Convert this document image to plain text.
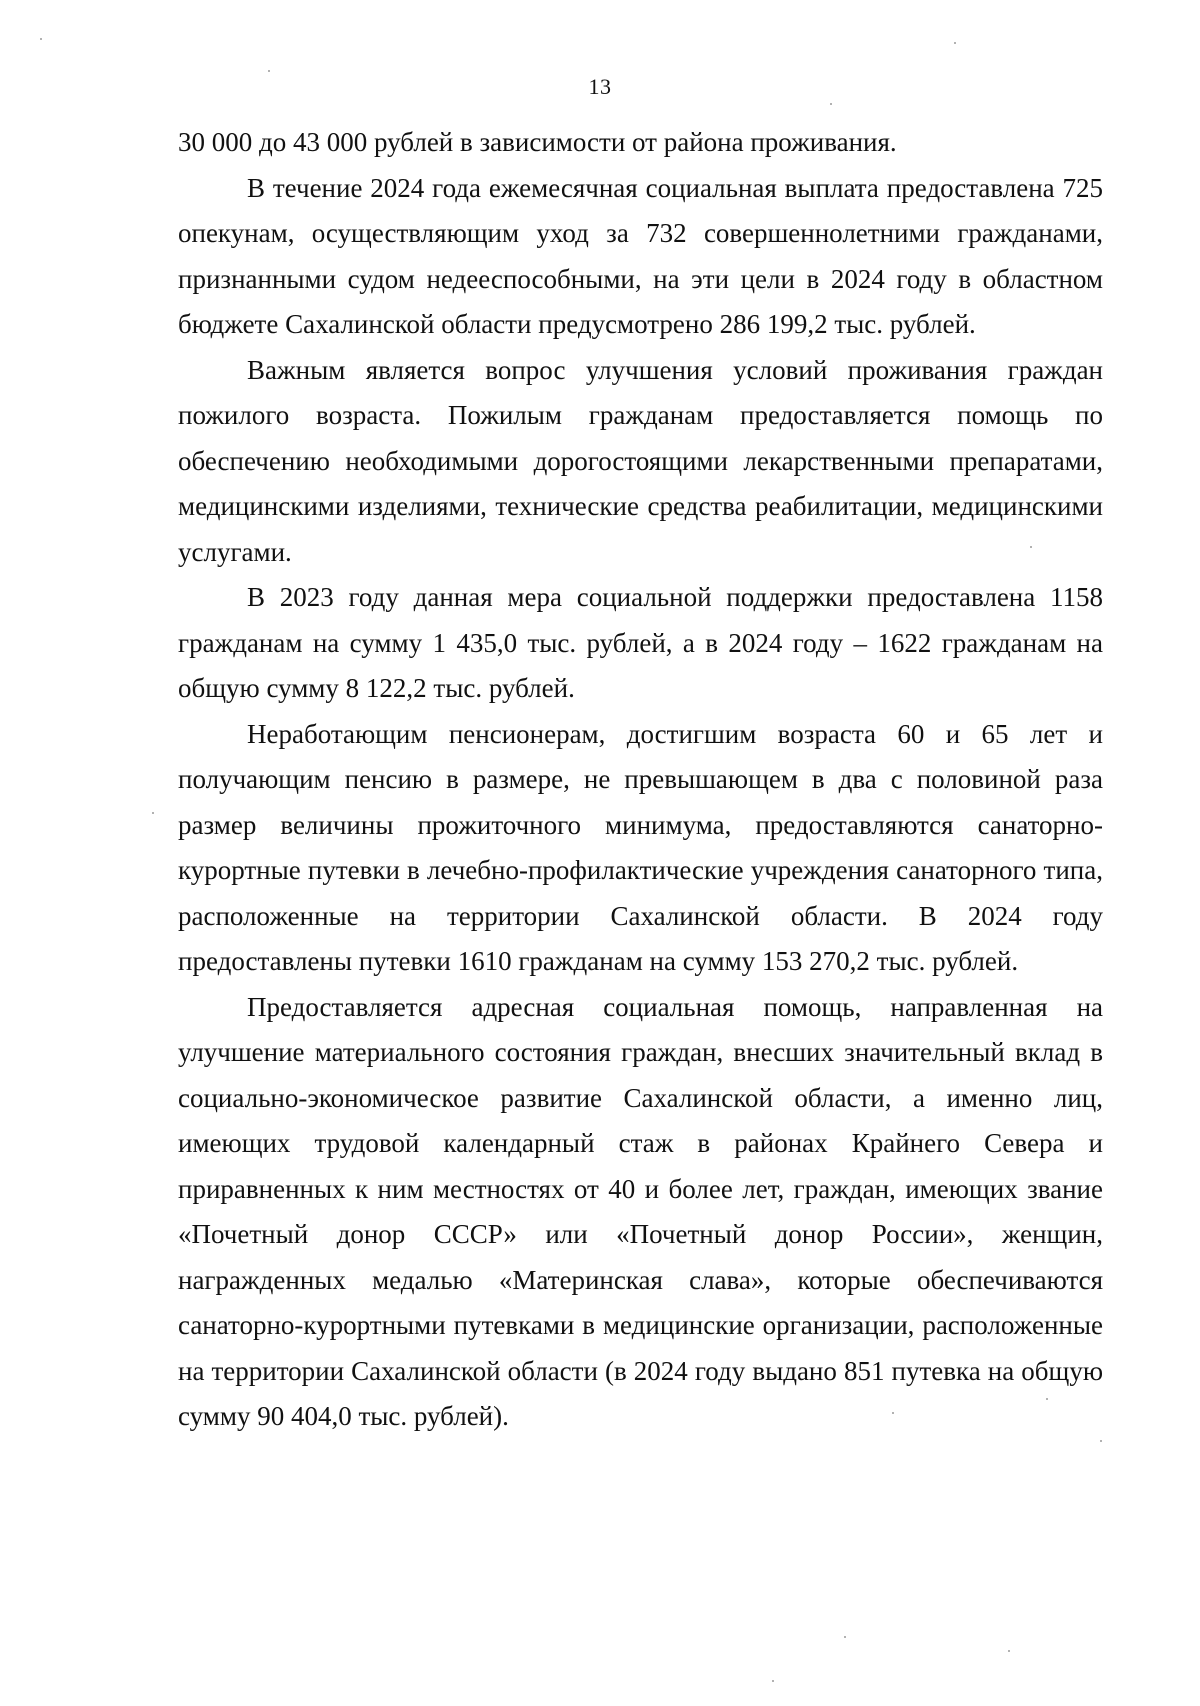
13

30 000 до 43 000 рублей в зависимости от района проживания.

В течение 2024 года ежемесячная социальная выплата предоставлена 725 опекунам, осуществляющим уход за 732 совершеннолетними гражданами, признанными судом недееспособными, на эти цели в 2024 году в областном бюджете Сахалинской области предусмотрено 286 199,2 тыс. рублей.

Важным является вопрос улучшения условий проживания граждан пожилого возраста. Пожилым гражданам предоставляется помощь по обеспечению необходимыми дорогостоящими лекарственными препаратами, медицинскими изделиями, технические средства реабилитации, медицинскими услугами.

В 2023 году данная мера социальной поддержки предоставлена 1158 гражданам на сумму 1 435,0 тыс. рублей, а в 2024 году – 1622 гражданам на общую сумму 8 122,2 тыс. рублей.

Неработающим пенсионерам, достигшим возраста 60 и 65 лет и получающим пенсию в размере, не превышающем в два с половиной раза размер величины прожиточного минимума, предоставляются санаторно-курортные путевки в лечебно-профилактические учреждения санаторного типа, расположенные на территории Сахалинской области. В 2024 году предоставлены путевки 1610 гражданам на сумму 153 270,2 тыс. рублей.

Предоставляется адресная социальная помощь, направленная на улучшение материального состояния граждан, внесших значительный вклад в социально-экономическое развитие Сахалинской области, а именно лиц, имеющих трудовой календарный стаж в районах Крайнего Севера и приравненных к ним местностях от 40 и более лет, граждан, имеющих звание «Почетный донор СССР» или «Почетный донор России», женщин, награжденных медалью «Материнская слава», которые обеспечиваются санаторно-курортными путевками в медицинские организации, расположенные на территории Сахалинской области (в 2024 году выдано 851 путевка на общую сумму 90 404,0 тыс. рублей).
